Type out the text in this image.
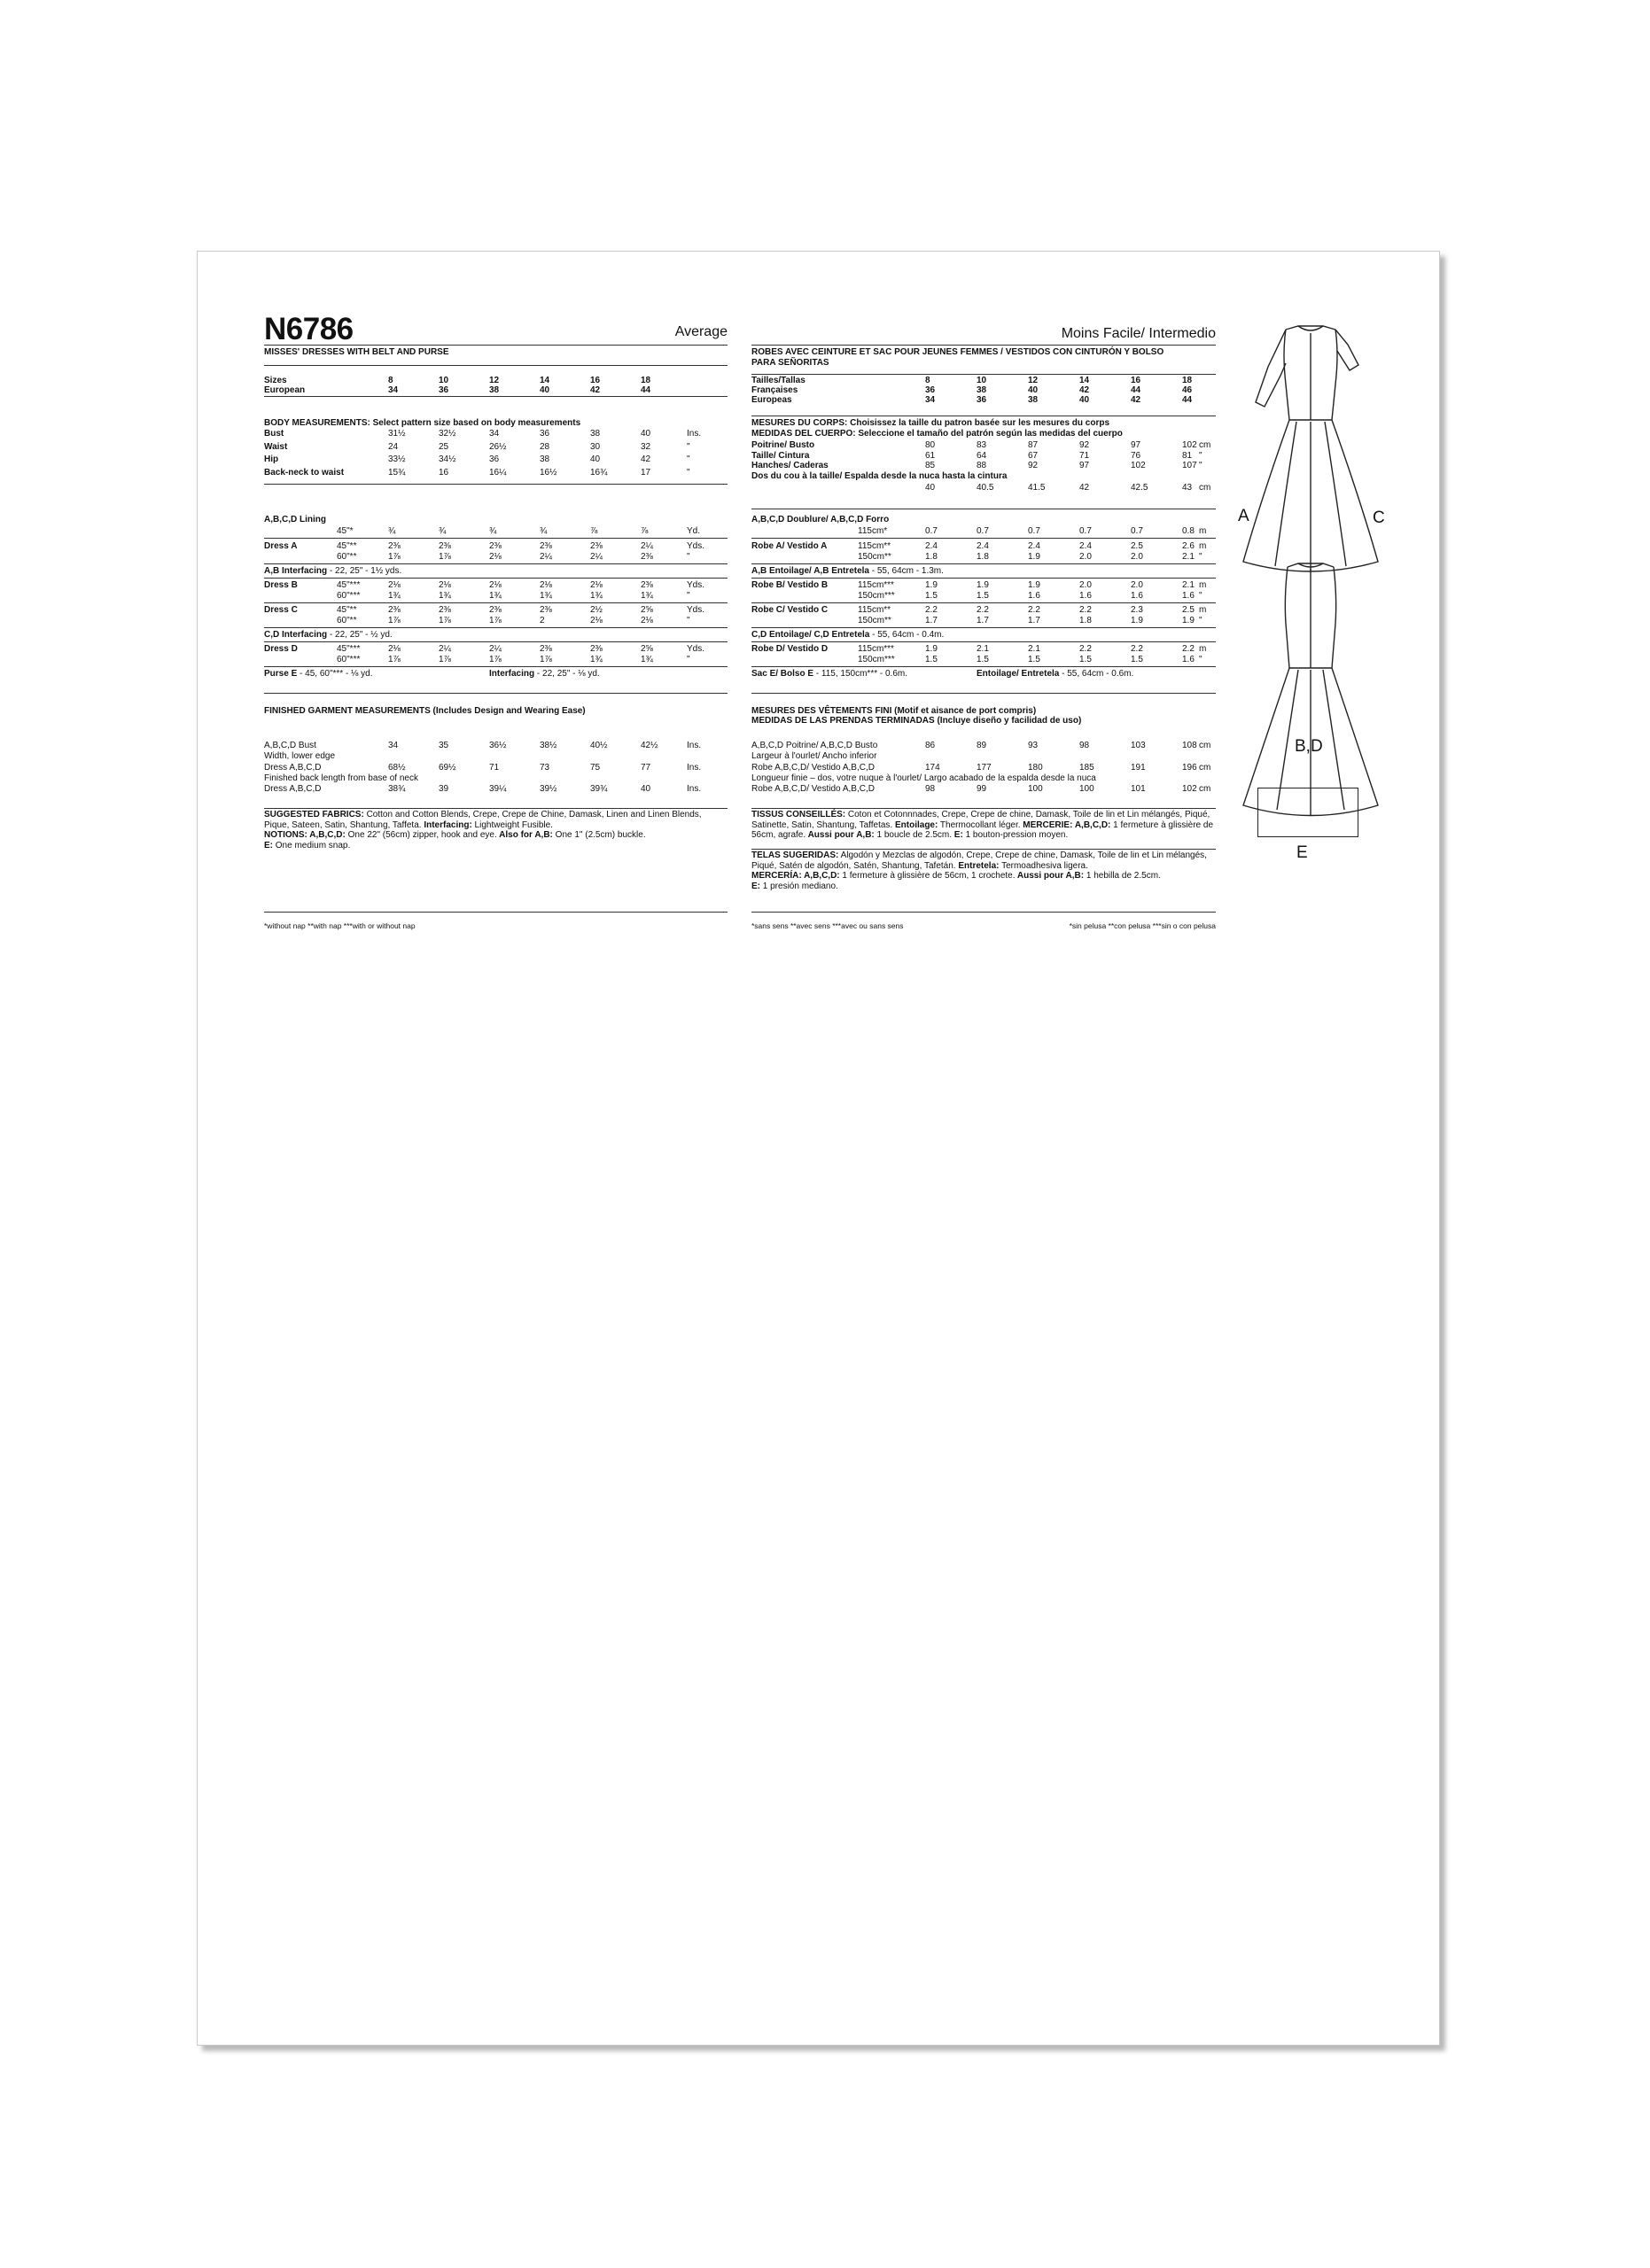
N6786	Average
MISSES' DRESSES WITH BELT AND PURSE
Sizes	8	10	12	14	16	18
European	34	36	38	40	42	44
BODY MEASUREMENTS: Select pattern size based on body measurements
Bust	31½	32½	34	36	38	40	Ins.
Waist	24	25	26½	28	30	32	"
Hip	33½	34½	36	38	40	42	"
Back-neck to waist	15¾	16	16¼	16½	16¾	17	"
A,B,C,D Lining
45"*	¾	¾	¾	¾	⅞	⅞	Yd.
Dress A	45"**	2⅜	2⅜	2⅜	2⅜	2⅜	2¼	Yds.
60"**	1⅞	1⅞	2⅛	2¼	2¼	2⅜	"
A,B Interfacing - 22, 25" - 1½ yds.
Dress B	45"***	2⅛	2⅛	2⅛	2⅛	2⅛	2⅜	Yds.
60"***	1¾	1¾	1¾	1¾	1¾	1¾	"
Dress C	45"**	2⅜	2⅜	2⅜	2⅜	2½	2⅝	Yds.
60"**	1⅞	1⅞	1⅞	2	2⅛	2⅛	"
C,D Interfacing - 22, 25" - ½ yd.
Dress D	45"***	2⅛	2¼	2¼	2⅜	2⅜	2⅝	Yds.
60"***	1⅞	1⅞	1⅞	1⅞	1¾	1¾	"
Purse E - 45, 60"*** - ⅛ yd.	Interfacing - 22, 25" - ⅛ yd.
FINISHED GARMENT MEASUREMENTS (Includes Design and Wearing Ease)
A,B,C,D Bust	34	35	36½	38½	40½	42½	Ins.
Width, lower edge
Dress A,B,C,D	68½	69½	71	73	75	77	Ins.
Finished back length from base of neck
Dress A,B,C,D	38¾	39	39¼	39½	39¾	40	Ins.
SUGGESTED FABRICS: Cotton and Cotton Blends, Crepe, Crepe de Chine, Damask, Linen and Linen Blends, Pique, Sateen, Satin, Shantung, Taffeta. Interfacing: Lightweight Fusible.
NOTIONS: A,B,C,D: One 22" (56cm) zipper, hook and eye. Also for A,B: One 1" (2.5cm) buckle.
E: One medium snap.
*without nap **with nap ***with or without nap
Moins Facile/ Intermedio
ROBES AVEC CEINTURE ET SAC POUR JEUNES FEMMES / VESTIDOS CON CINTURÓN Y BOLSO PARA SEÑORITAS
Tailles/Tallas	8	10	12	14	16	18
Françaises	36	38	40	42	44	46
Europeas	34	36	38	40	42	44
MESURES DU CORPS: Choisissez la taille du patron basée sur les mesures du corps
MEDIDAS DEL CUERPO: Seleccione el tamaño del patrón según las medidas del cuerpo
Poitrine/ Busto	80	83	87	92	97	102 cm
Taille/ Cintura	61	64	67	71	76	81 "
Hanches/ Caderas	85	88	92	97	102	107 "
Dos du cou à la taille/ Espalda desde la nuca hasta la cintura
40	40.5	41.5	42	42.5	43 cm
A,B,C,D Doublure/ A,B,C,D Forro
115cm*	0.7	0.7	0.7	0.7	0.7	0.8 m
Robe A/ Vestido A	115cm**	2.4	2.4	2.4	2.4	2.5	2.6 m
150cm**	1.8	1.8	1.9	2.0	2.0	2.1 "
A,B Entoilage/ A,B Entretela - 55, 64cm - 1.3m.
Robe B/ Vestido B	115cm***	1.9	1.9	1.9	2.0	2.0	2.1 m
150cm***	1.5	1.5	1.6	1.6	1.6	1.6 "
Robe C/ Vestido C	115cm**	2.2	2.2	2.2	2.2	2.3	2.5 m
150cm**	1.7	1.7	1.7	1.8	1.9	1.9 "
C,D Entoilage/ C,D Entretela - 55, 64cm - 0.4m.
Robe D/ Vestido D	115cm***	1.9	2.1	2.1	2.2	2.2	2.2 m
150cm***	1.5	1.5	1.5	1.5	1.5	1.6 "
Sac E/ Bolso E - 115, 150cm*** - 0.6m.	Entoilage/ Entretela - 55, 64cm - 0.6m.
MESURES DES VÊTEMENTS FINI (Motif et aisance de port compris)
MEDIDAS DE LAS PRENDAS TERMINADAS (Incluye diseño y facilidad de uso)
A,B,C,D Poitrine/ A,B,C,D Busto	86	89	93	98	103	108 cm
Largeur à l'ourlet/ Ancho inferior
Robe A,B,C,D/ Vestido A,B,C,D	174	177	180	185	191	196 cm
Longueur finie – dos, votre nuque à l'ourlet/ Largo acabado de la espalda desde la nuca
Robe A,B,C,D/ Vestido A,B,C,D	98	99	100	100	101	102 cm
TISSUS CONSEILLÉS: Coton et Cotonnnades, Crepe, Crepe de chine, Damask, Toile de lin et Lin mélangés, Piqué, Satinette, Satin, Shantung, Taffetas. Entoilage: Thermocollant léger. MERCERIE: A,B,C,D: 1 fermeture à glissière de 56cm, agrafe. Aussi pour A,B: 1 boucle de 2.5cm. E: 1 bouton-pression moyen.
TELAS SUGERIDAS: Algodón y Mezclas de algodón, Crepe, Crepe de chine, Damask, Toile de lin et Lin mélangés, Piqué, Satén de algodón, Satén, Shantung, Tafetán. Entretela: Termoadhesiva ligera.
MERCERÍA: A,B,C,D: 1 fermeture à glissière de 56cm, 1 crochete. Aussi pour A,B: 1 hebilla de 2.5cm.
E: 1 presión mediano.
*sans sens **avec sens ***avec ou sans sens	*sin pelusa **con pelusa ***sin o con pelusa
A	C
B,D
E
